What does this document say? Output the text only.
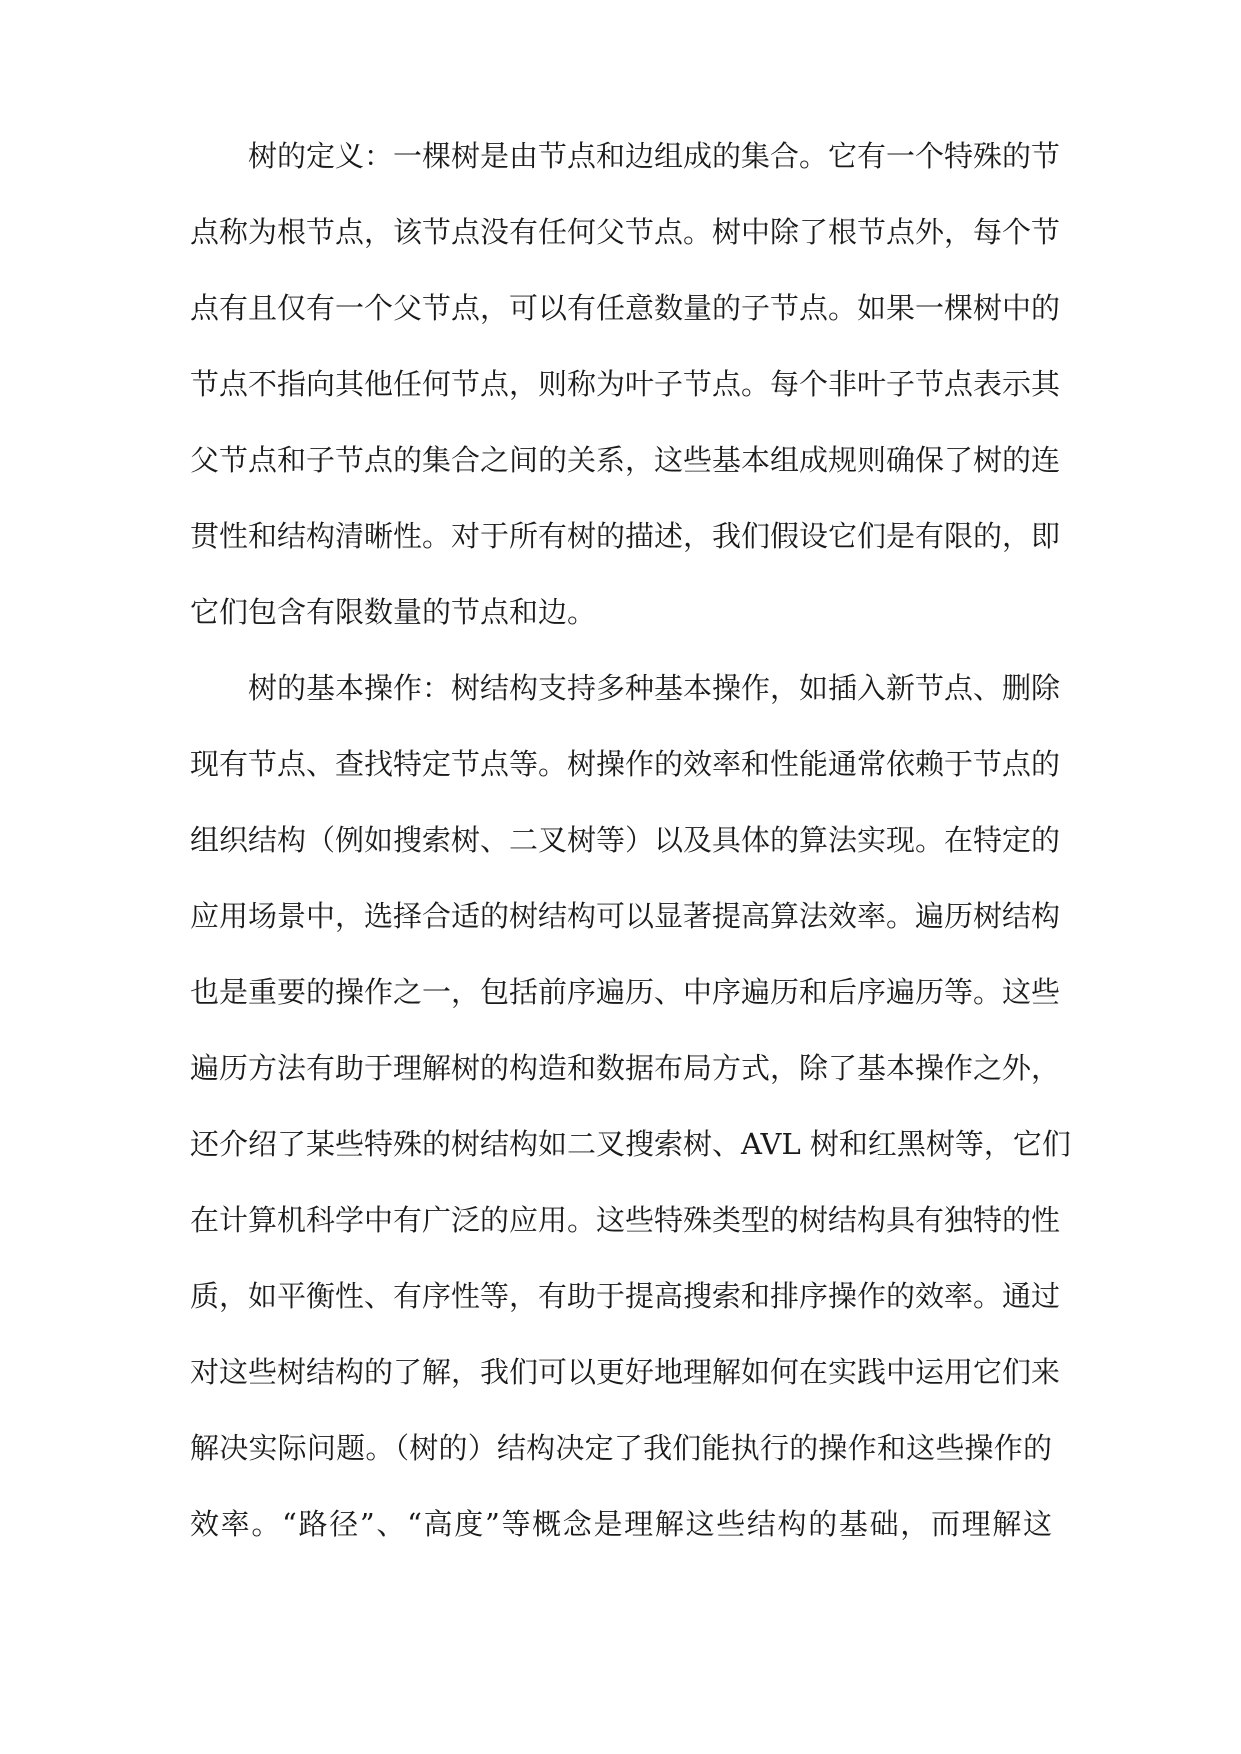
树的定义：一棵树是由节点和边组成的集合。它有一个特殊的节
点称为根节点，该节点没有任何父节点。树中除了根节点外，每个节
点有且仅有一个父节点，可以有任意数量的子节点。如果一棵树中的
节点不指向其他任何节点，则称为叶子节点。每个非叶子节点表示其
父节点和子节点的集合之间的关系，这些基本组成规则确保了树的连
贯性和结构清晰性。对于所有树的描述，我们假设它们是有限的，即
它们包含有限数量的节点和边。
树的基本操作：树结构支持多种基本操作，如插入新节点、删除
现有节点、查找特定节点等。树操作的效率和性能通常依赖于节点的
组织结构（例如搜索树、二叉树等）以及具体的算法实现。在特定的
应用场景中，选择合适的树结构可以显著提高算法效率。遍历树结构
也是重要的操作之一，包括前序遍历、中序遍历和后序遍历等。这些
遍历方法有助于理解树的构造和数据布局方式，除了基本操作之外，
还介绍了某些特殊的树结构如二叉搜索树、AVL 树和红黑树等，它们
在计算机科学中有广泛的应用。这些特殊类型的树结构具有独特的性
质，如平衡性、有序性等，有助于提高搜索和排序操作的效率。通过
对这些树结构的了解，我们可以更好地理解如何在实践中运用它们来
解决实际问题。（树的）结构决定了我们能执行的操作和这些操作的
效率。“路径”、“高度”等概念是理解这些结构的基础，而理解这
